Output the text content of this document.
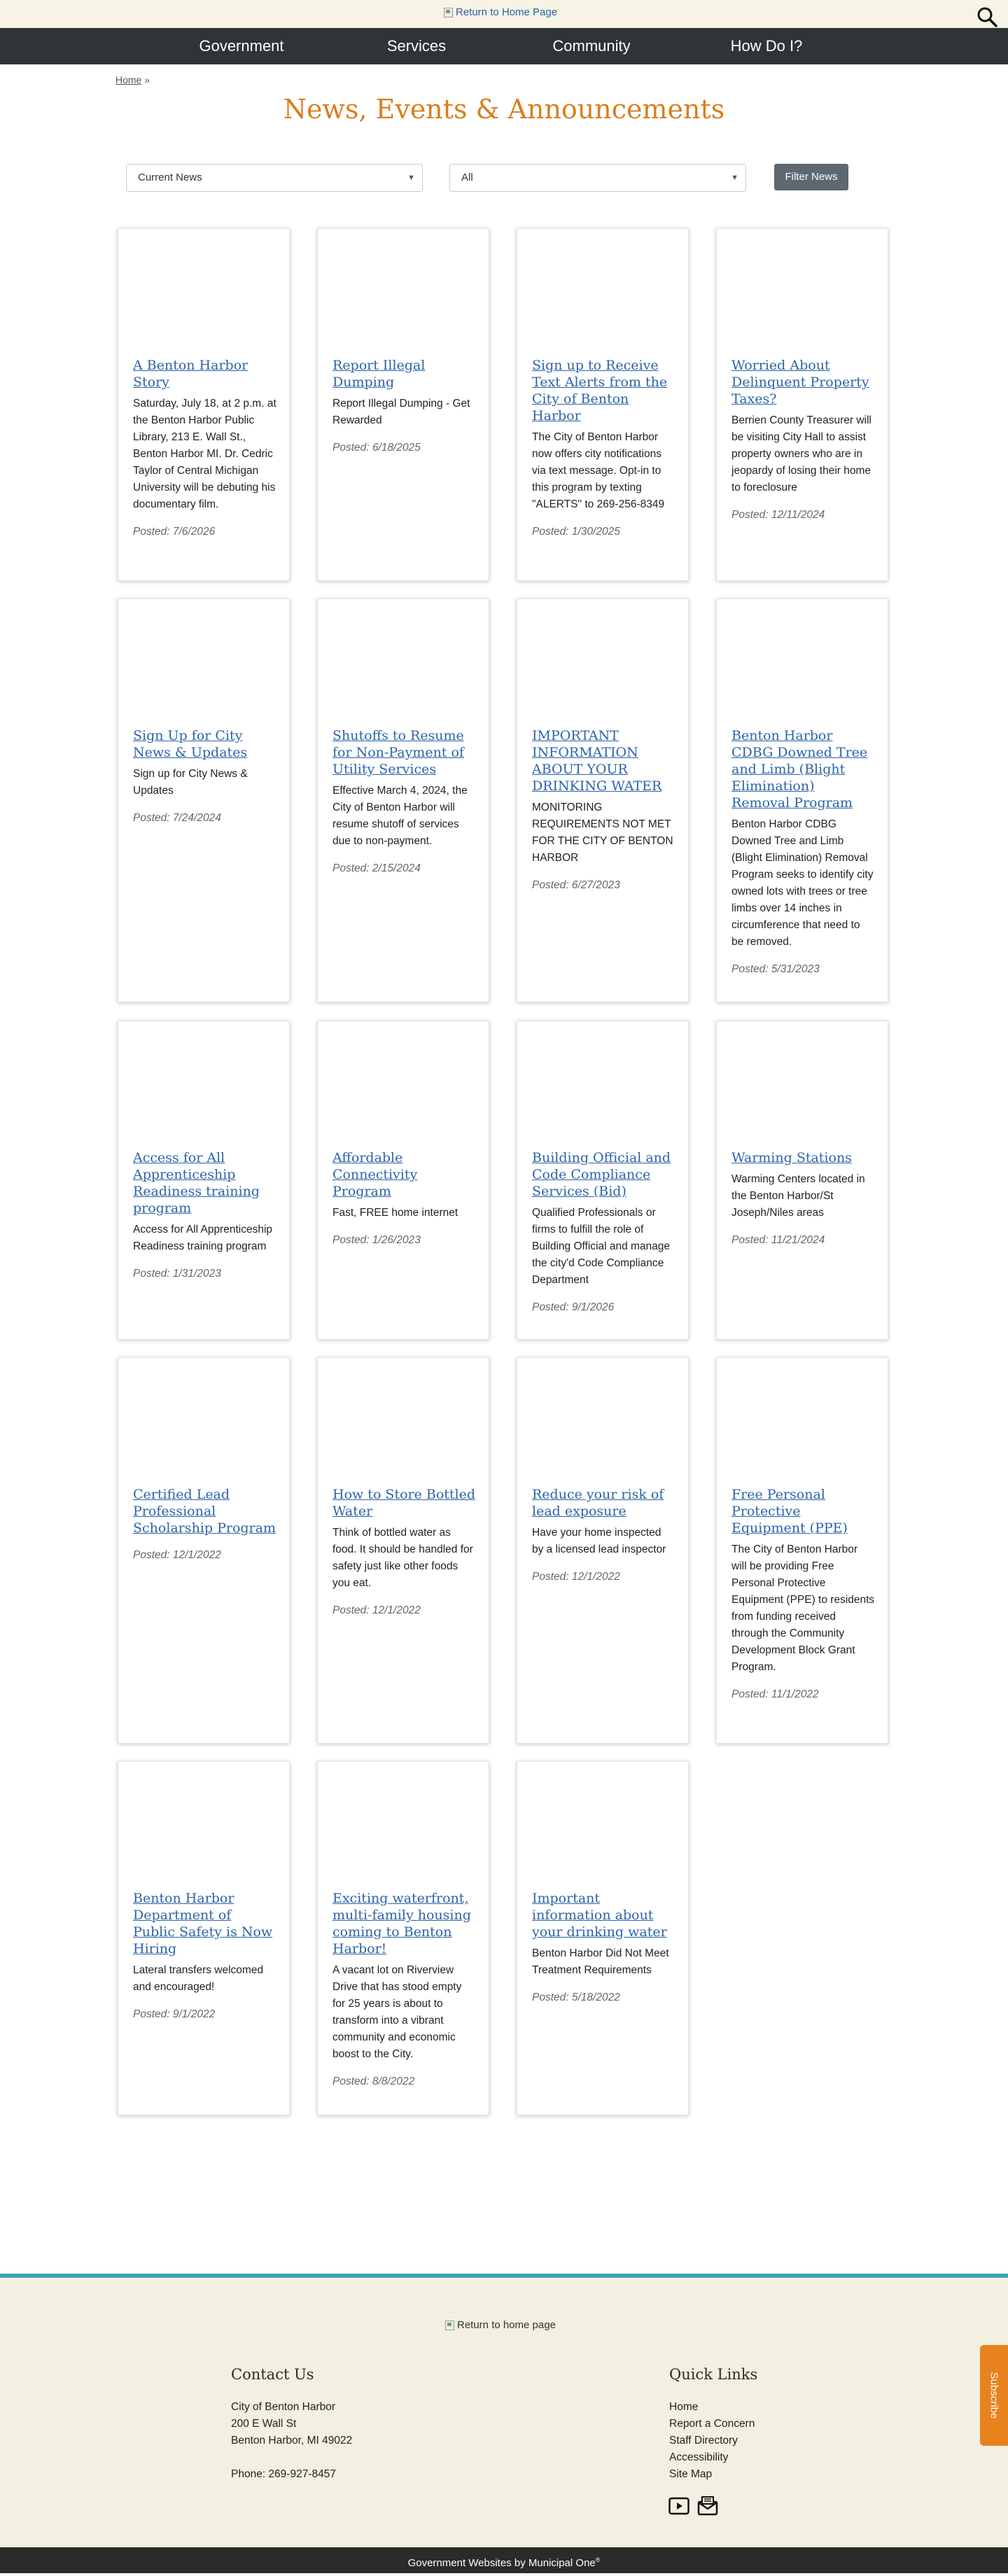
Return to Home Page
Government	Services	Community	How Do I?
Home »
News, Events & Announcements
Current News	▼	All	▼	Filter News
A Benton Harbor Story
Saturday, July 18, at 2 p.m. at the Benton Harbor Public Library, 213 E. Wall St., Benton Harbor MI. Dr. Cedric Taylor of Central Michigan University will be debuting his documentary film.
Posted: 7/6/2026
Report Illegal Dumping
Report Illegal Dumping - Get Rewarded
Posted: 6/18/2025
Sign up to Receive Text Alerts from the City of Benton Harbor
The City of Benton Harbor now offers city notifications via text message. Opt-in to this program by texting "ALERTS" to 269-256-8349
Posted: 1/30/2025
Worried About Delinquent Property Taxes?
Berrien County Treasurer will be visiting City Hall to assist property owners who are in jeopardy of losing their home to foreclosure
Posted: 12/11/2024
Sign Up for City News & Updates
Sign up for City News & Updates
Posted: 7/24/2024
Shutoffs to Resume for Non-Payment of Utility Services
Effective March 4, 2024, the City of Benton Harbor will resume shutoff of services due to non-payment.
Posted: 2/15/2024
IMPORTANT INFORMATION ABOUT YOUR DRINKING WATER
MONITORING REQUIREMENTS NOT MET FOR THE CITY OF BENTON HARBOR
Posted: 6/27/2023
Benton Harbor CDBG Downed Tree and Limb (Blight Elimination) Removal Program
Benton Harbor CDBG Downed Tree and Limb (Blight Elimination) Removal Program seeks to identify city owned lots with trees or tree limbs over 14 inches in circumference that need to be removed.
Posted: 5/31/2023
Access for All Apprenticeship Readiness training program
Access for All Apprenticeship Readiness training program
Posted: 1/31/2023
Affordable Connectivity Program
Fast, FREE home internet
Posted: 1/26/2023
Building Official and Code Compliance Services (Bid)
Qualified Professionals or firms to fulfill the role of Building Official and manage the city'd Code Compliance Department
Posted: 9/1/2026
Warming Stations
Warming Centers located in the Benton Harbor/St Joseph/Niles areas
Posted: 11/21/2024
Certified Lead Professional Scholarship Program
Posted: 12/1/2022
How to Store Bottled Water
Think of bottled water as food. It should be handled for safety just like other foods you eat.
Posted: 12/1/2022
Reduce your risk of lead exposure
Have your home inspected by a licensed lead inspector
Posted: 12/1/2022
Free Personal Protective Equipment (PPE)
The City of Benton Harbor will be providing Free Personal Protective Equipment (PPE) to residents from funding received through the Community Development Block Grant Program.
Posted: 11/1/2022
Benton Harbor Department of Public Safety is Now Hiring
Lateral transfers welcomed and encouraged!
Posted: 9/1/2022
Exciting waterfront, multi-family housing coming to Benton Harbor!
A vacant lot on Riverview Drive that has stood empty for 25 years is about to transform into a vibrant community and economic boost to the City.
Posted: 8/8/2022
Important information about your drinking water
Benton Harbor Did Not Meet Treatment Requirements
Posted: 5/18/2022
Return to home page
Contact Us
City of Benton Harbor
200 E Wall St
Benton Harbor, MI 49022
Phone: 269-927-8457
Quick Links
Home
Report a Concern
Staff Directory
Accessibility
Site Map
Subscribe
Government Websites by Municipal One®
